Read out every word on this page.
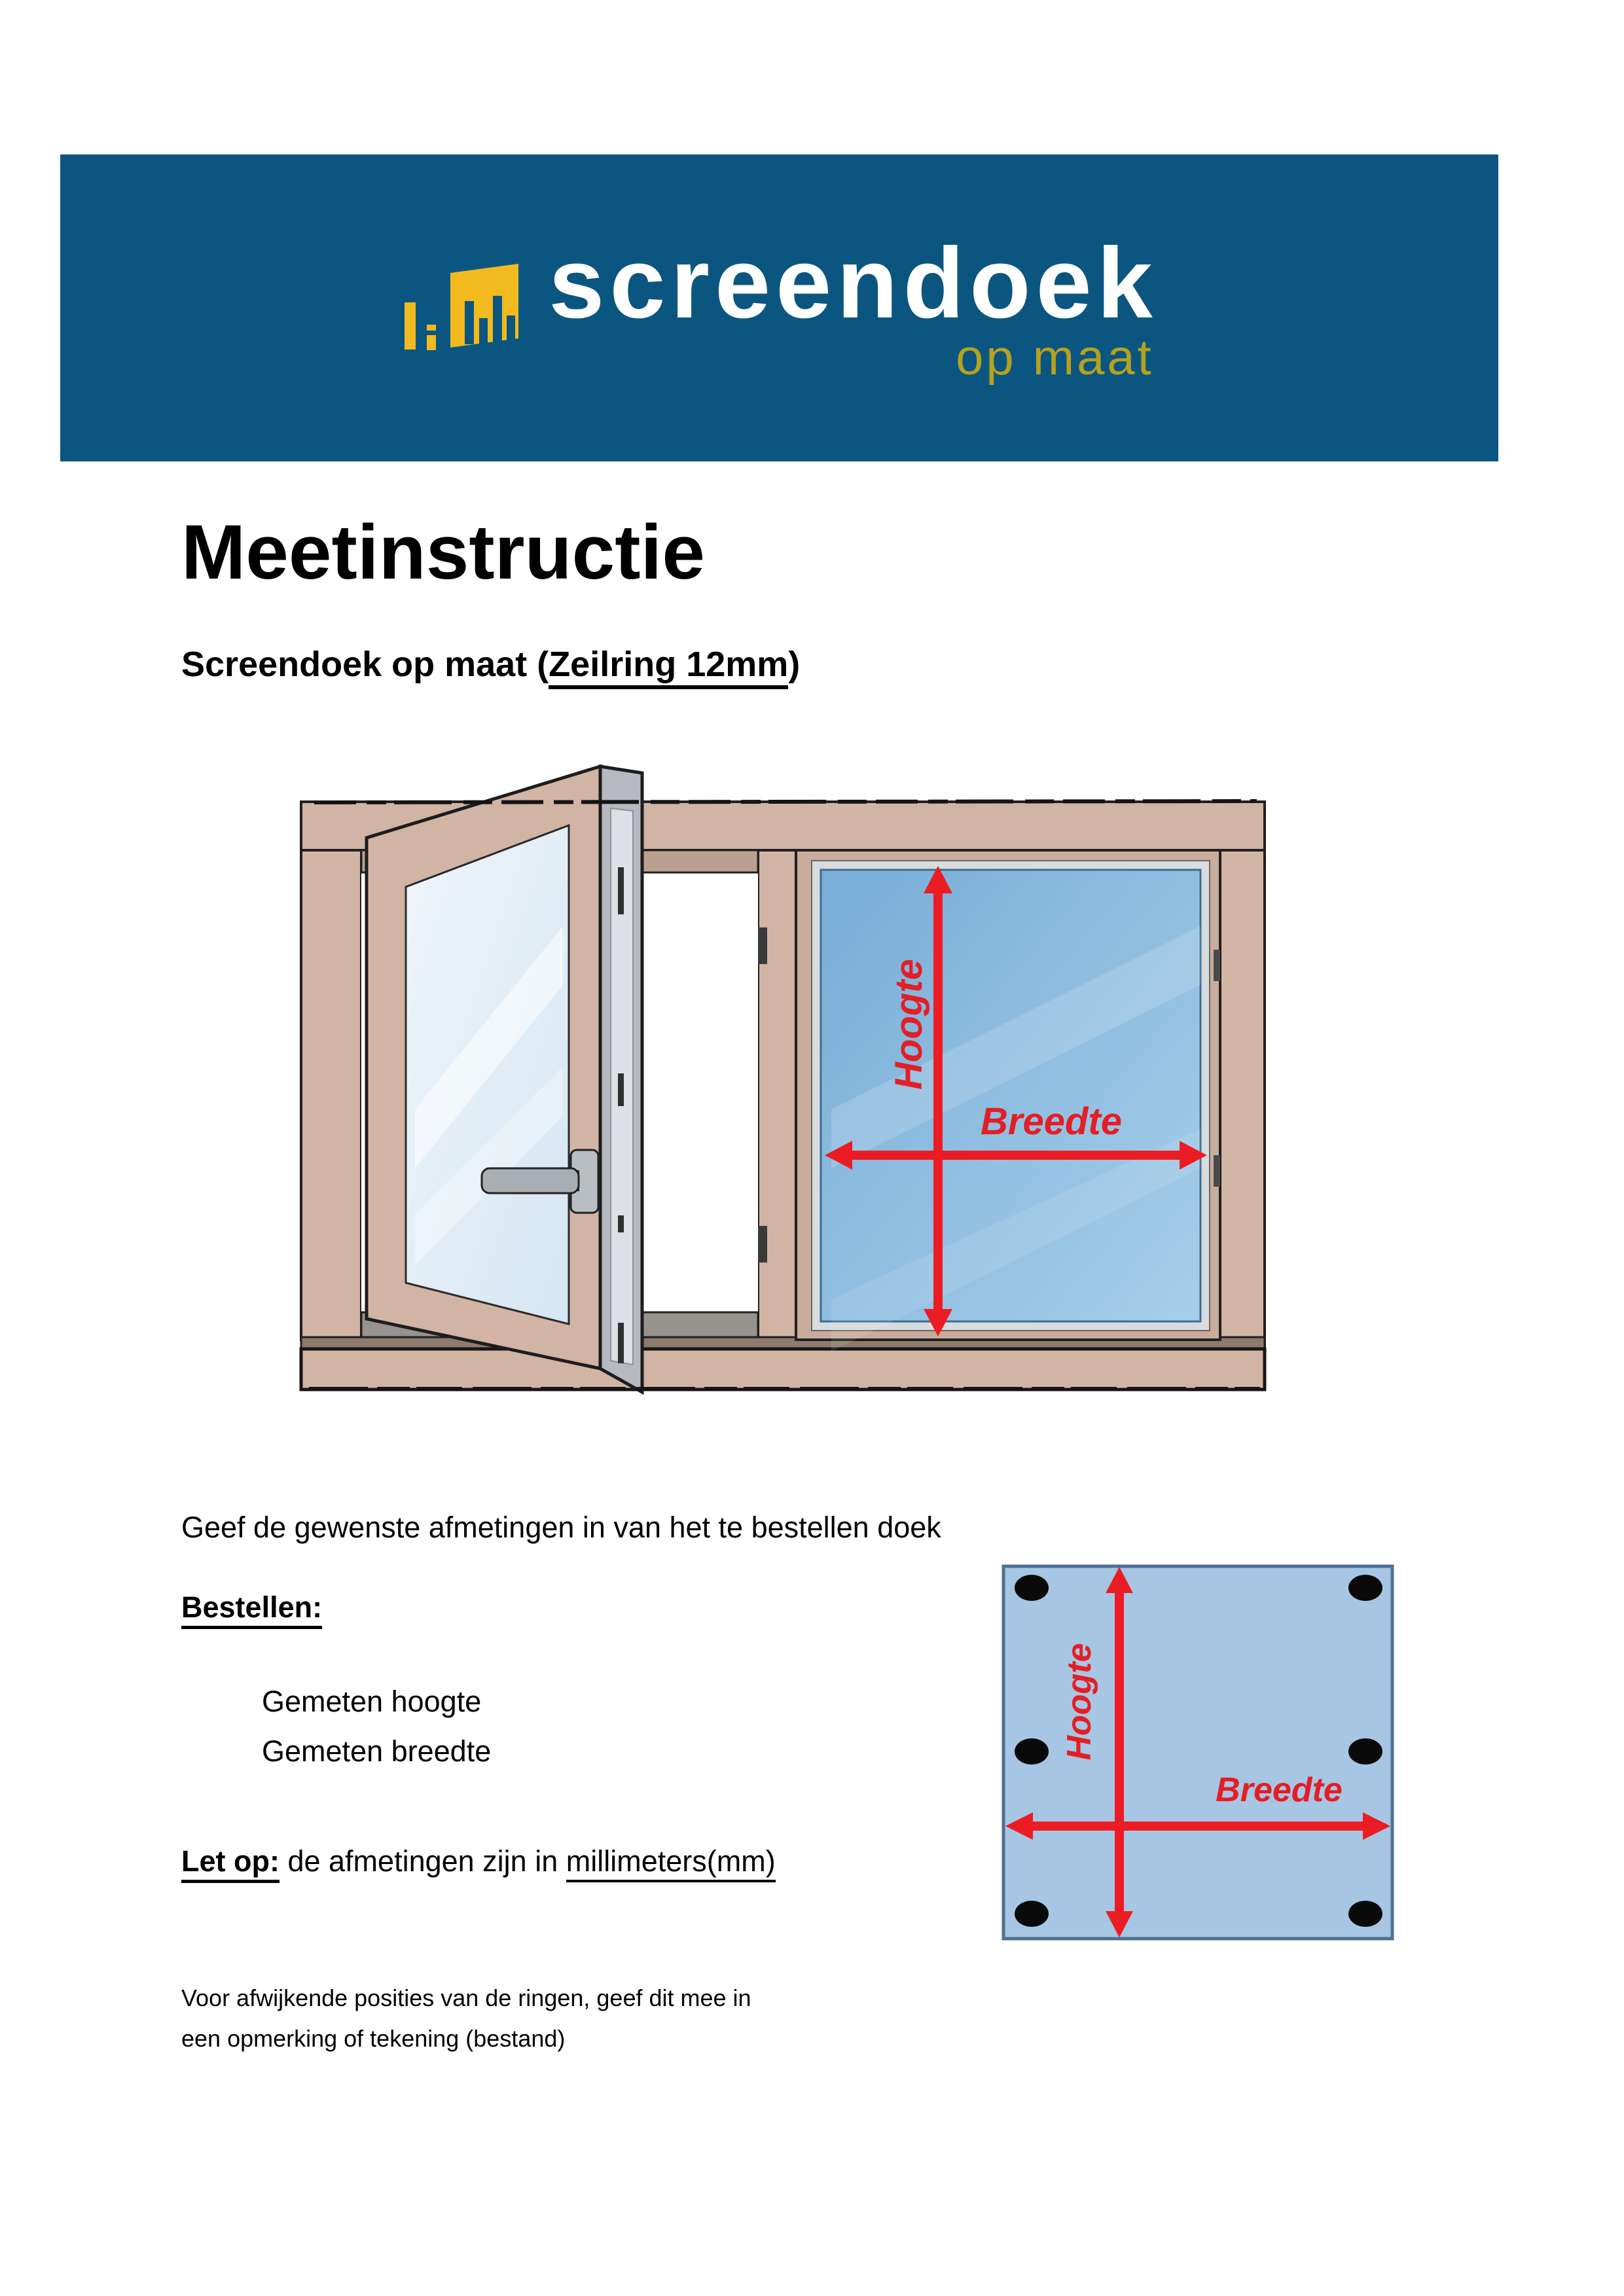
screendoek
op maat
Meetinstructie
Screendoek op maat (Zeilring 12mm)
Hoogte
Breedte
Geef de gewenste afmetingen in van het te bestellen doek
Bestellen:
Gemeten hoogte
Gemeten breedte
Let op: de afmetingen zijn in millimeters(mm)
Voor afwijkende posities van de ringen, geef dit mee in
een opmerking of tekening (bestand)
Hoogte
Breedte
